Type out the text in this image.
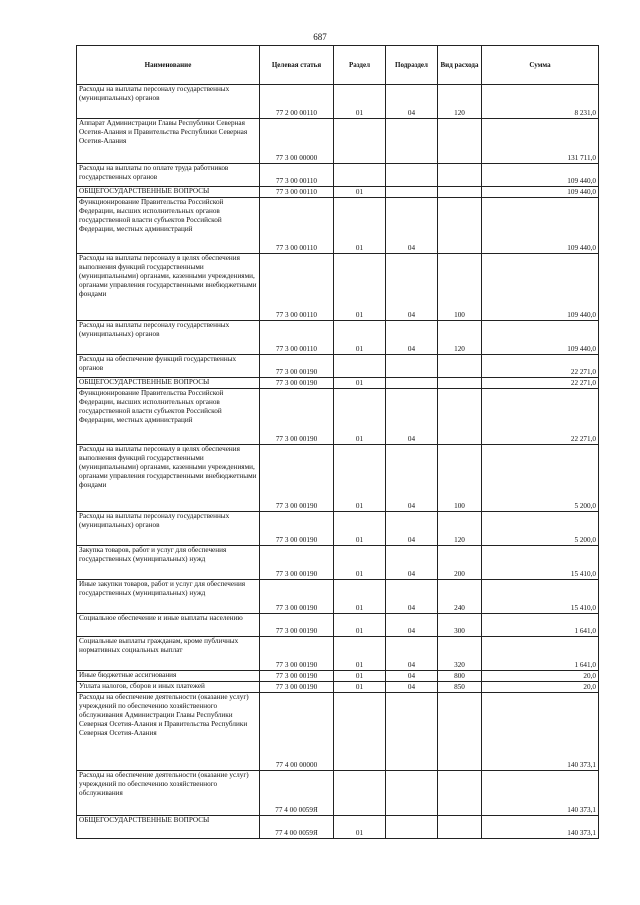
687
Наименование	Целевая статья	Раздел	Подраздел	Вид расхода	Сумма
Расходы на выплаты персоналу государственных (муниципальных) органов	77 2 00 00110	01	04	120	8 231,0
Аппарат Администрации Главы Республики Северная Осетия-Алания и Правительства Республики Северная Осетия-Алания	77 3 00 00000				131 711,0
Расходы на выплаты по оплате труда работников государственных органов	77 3 00 00110				109 440,0
ОБЩЕГОСУДАРСТВЕННЫЕ ВОПРОСЫ	77 3 00 00110	01			109 440,0
Функционирование Правительства Российской Федерации, высших исполнительных органов государственной власти субъектов Российской Федерации, местных администраций	77 3 00 00110	01	04		109 440,0
Расходы на выплаты персоналу в целях обеспечения выполнения функций государственными (муниципальными) органами, казенными учреждениями, органами управления государственными внебюджетными фондами	77 3 00 00110	01	04	100	109 440,0
Расходы на выплаты персоналу государственных (муниципальных) органов	77 3 00 00110	01	04	120	109 440,0
Расходы на обеспечение функций государственных органов	77 3 00 00190				22 271,0
ОБЩЕГОСУДАРСТВЕННЫЕ ВОПРОСЫ	77 3 00 00190	01			22 271,0
Функционирование Правительства Российской Федерации, высших исполнительных органов государственной власти субъектов Российской Федерации, местных администраций	77 3 00 00190	01	04		22 271,0
Расходы на выплаты персоналу в целях обеспечения выполнения функций государственными (муниципальными) органами, казенными учреждениями, органами управления государственными внебюджетными фондами	77 3 00 00190	01	04	100	5 200,0
Расходы на выплаты персоналу государственных (муниципальных) органов	77 3 00 00190	01	04	120	5 200,0
Закупка товаров, работ и услуг для обеспечения государственных (муниципальных) нужд	77 3 00 00190	01	04	200	15 410,0
Иные закупки товаров, работ и услуг для обеспечения государственных (муниципальных) нужд	77 3 00 00190	01	04	240	15 410,0
Социальное обеспечение и иные выплаты населению	77 3 00 00190	01	04	300	1 641,0
Социальные выплаты гражданам, кроме публичных нормативных социальных выплат	77 3 00 00190	01	04	320	1 641,0
Иные бюджетные ассигнования	77 3 00 00190	01	04	800	20,0
Уплата налогов, сборов и иных платежей	77 3 00 00190	01	04	850	20,0
Расходы на обеспечение деятельности (оказание услуг) учреждений по обеспечению хозяйственного обслуживания Администрации Главы Республики Северная Осетия-Алания и Правительства Республики Северная Осетия-Алания	77 4 00 00000				140 373,1
Расходы на обеспечение деятельности (оказание услуг) учреждений по обеспечению хозяйственного обслуживания	77 4 00 0059Я				140 373,1
ОБЩЕГОСУДАРСТВЕННЫЕ ВОПРОСЫ	77 4 00 0059Я	01			140 373,1
